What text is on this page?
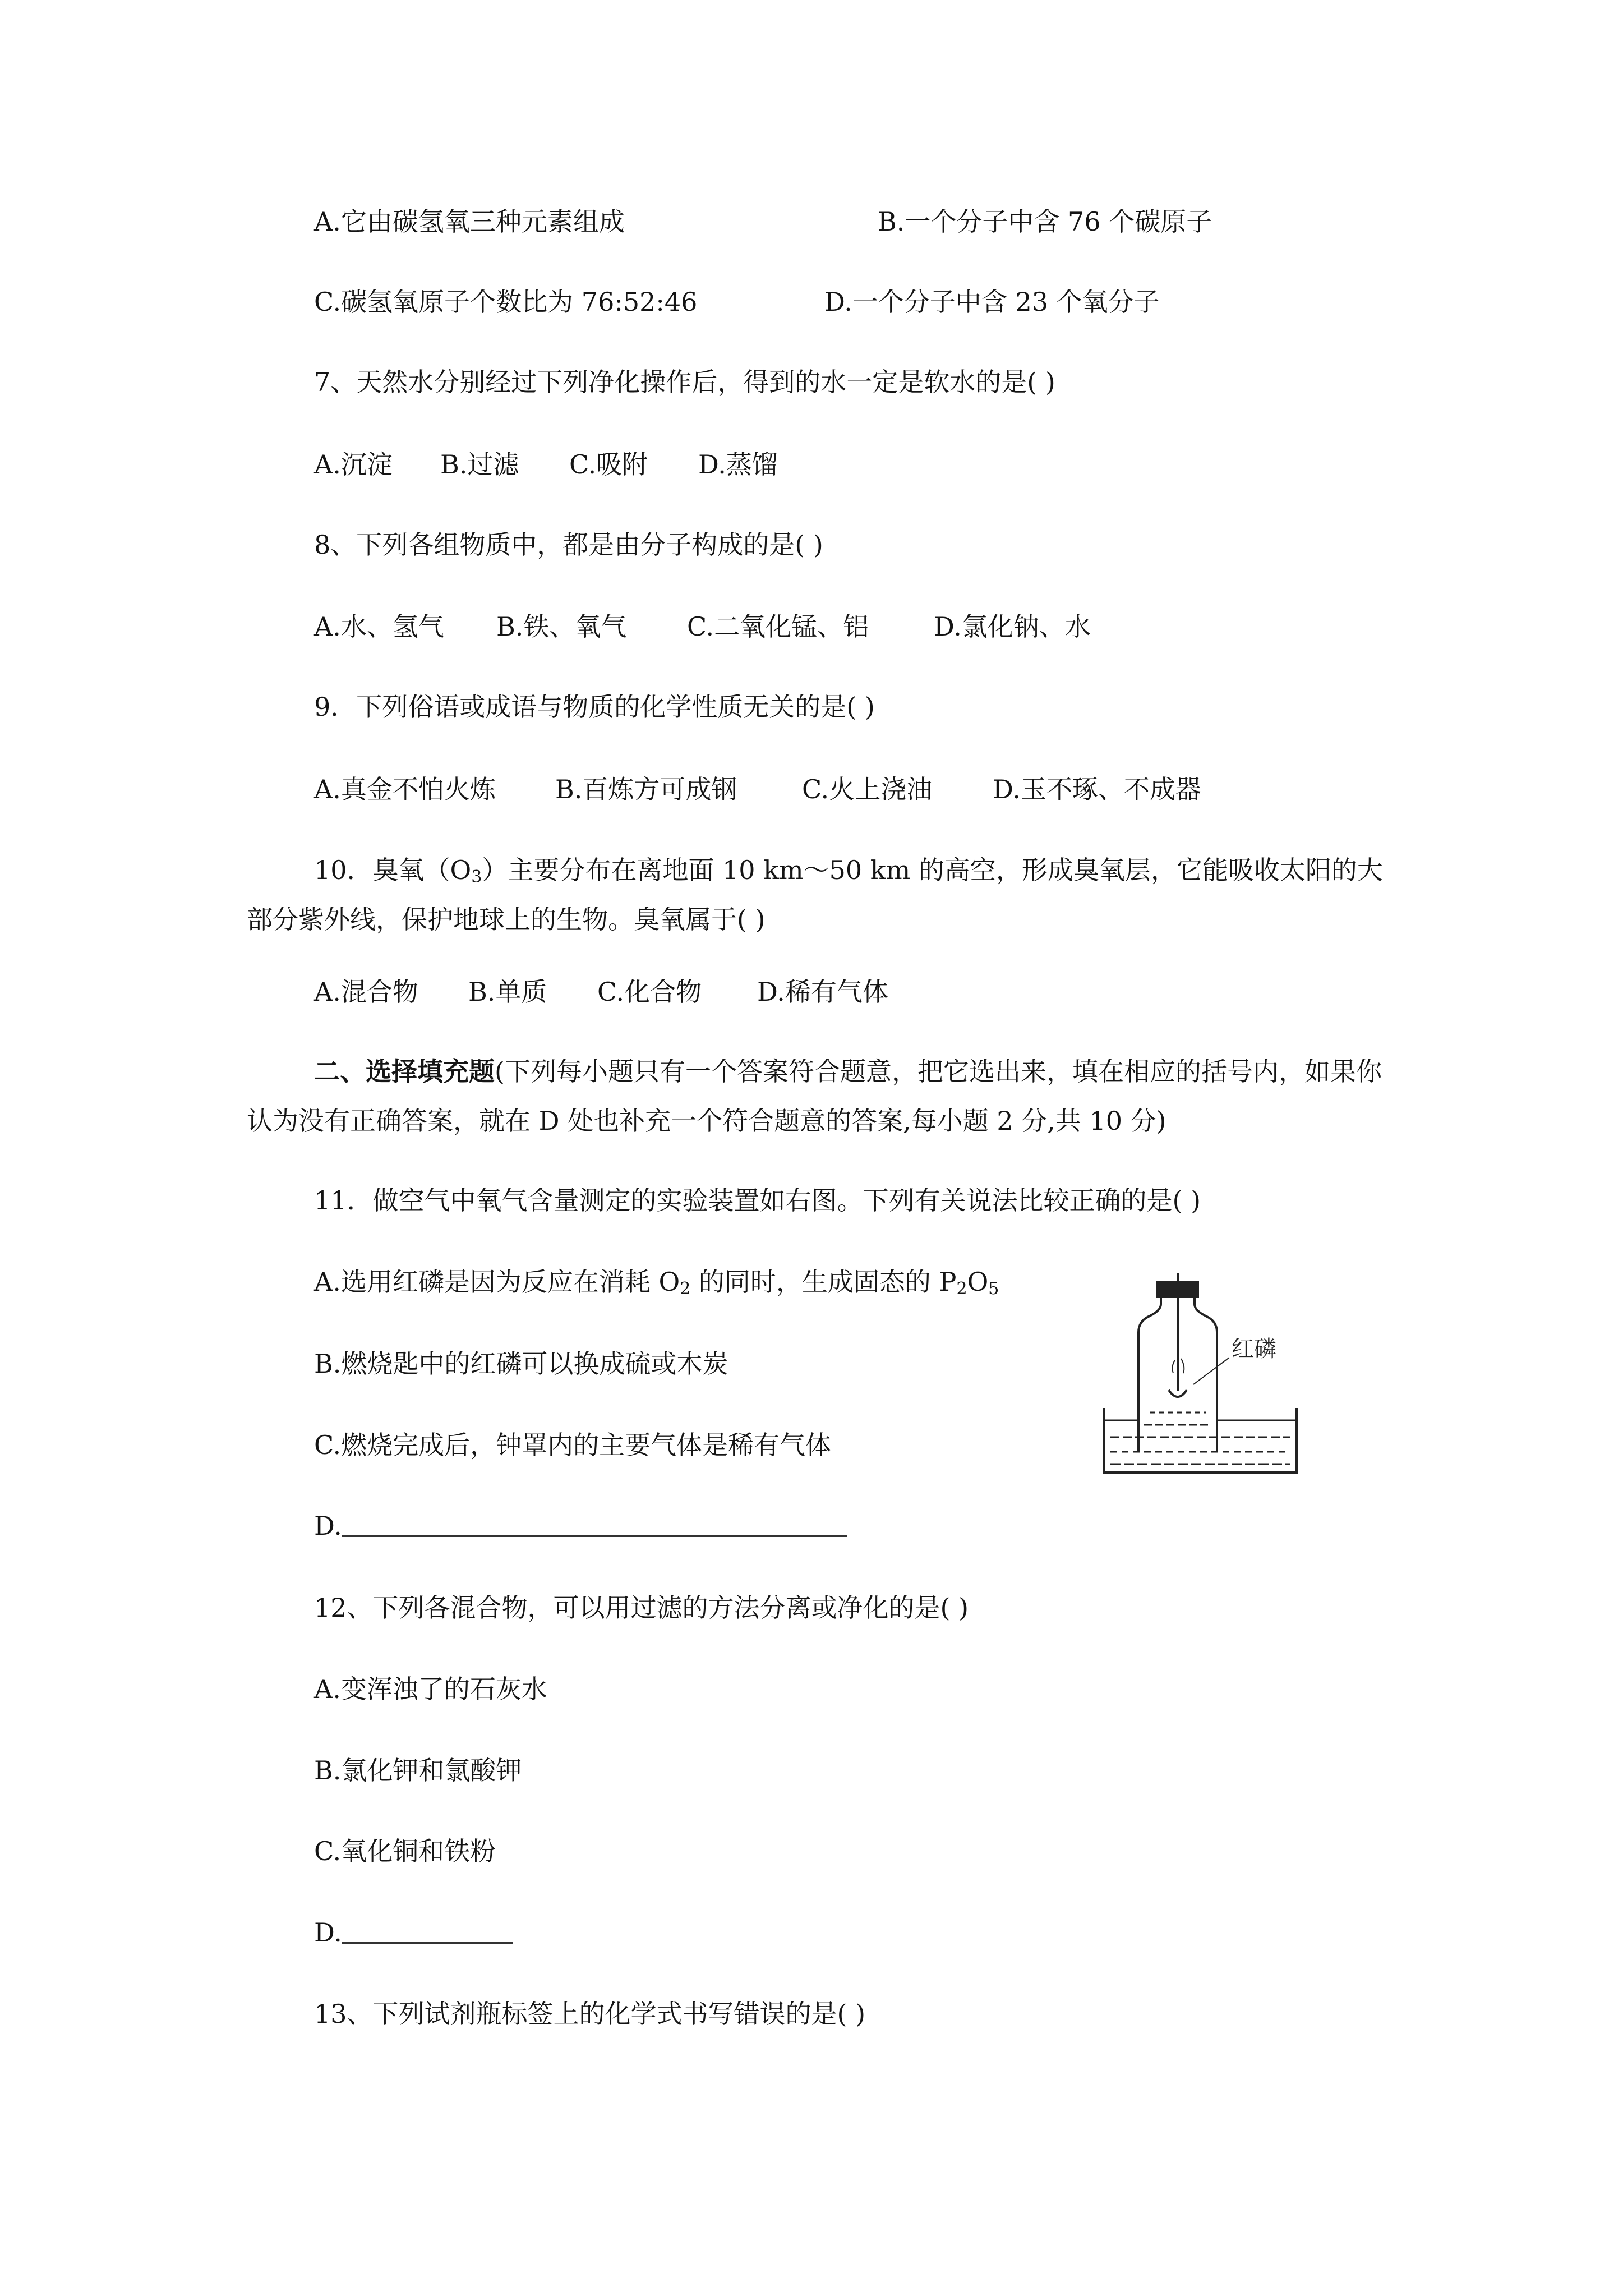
A.它由碳氢氧三种元素组成	B.一个分子中含 76 个碳原子
C.碳氢氧原子个数比为 76:52:46	D.一个分子中含 23 个氧分子
7、天然水分别经过下列净化操作后，得到的水一定是软水的是( )
A.沉淀 B.过滤 C.吸附 D.蒸馏
8、下列各组物质中，都是由分子构成的是( )
A.水、氢气 B.铁、氧气 C.二氧化锰、铝	D.氯化钠、水
9．下列俗语或成语与物质的化学性质无关的是( )
A.真金不怕火炼 B.百炼方可成钢	C.火上浇油 D.玉不琢、不成器
10．臭氧$(O_3)$主要分布在离地面 10 km～50 km 的高空，形成臭氧层，它能吸收太阳的大部分紫外线，保护地球上的生物。臭氧属于( )
A.混合物 B.单质 C.化合物 D.稀有气体
二、选择填充题(下列每小题只有一个答案符合题意，把它选出来，填在相应的括号内，如果你认为没有正确答案，就在 D 处也补充一个符合题意的答案,每小题 2 分,共 10 分)
11．做空气中氧气含量测定的实验装置如右图。下列有关说法比较正确的是( )
A.选用红磷是因为反应在消耗 $O_2$ 的同时，生成固态的 $P_2O_5$
B.燃烧匙中的红磷可以换成硫或木炭
C.燃烧完成后，钟罩内的主要气体是稀有气体
D.
红磷
12、下列各混合物，可以用过滤的方法分离或净化的是( )
A.变浑浊了的石灰水
B.氯化钾和氯酸钾
C.氧化铜和铁粉
D.
13、下列试剂瓶标签上的化学式书写错误的是( )
